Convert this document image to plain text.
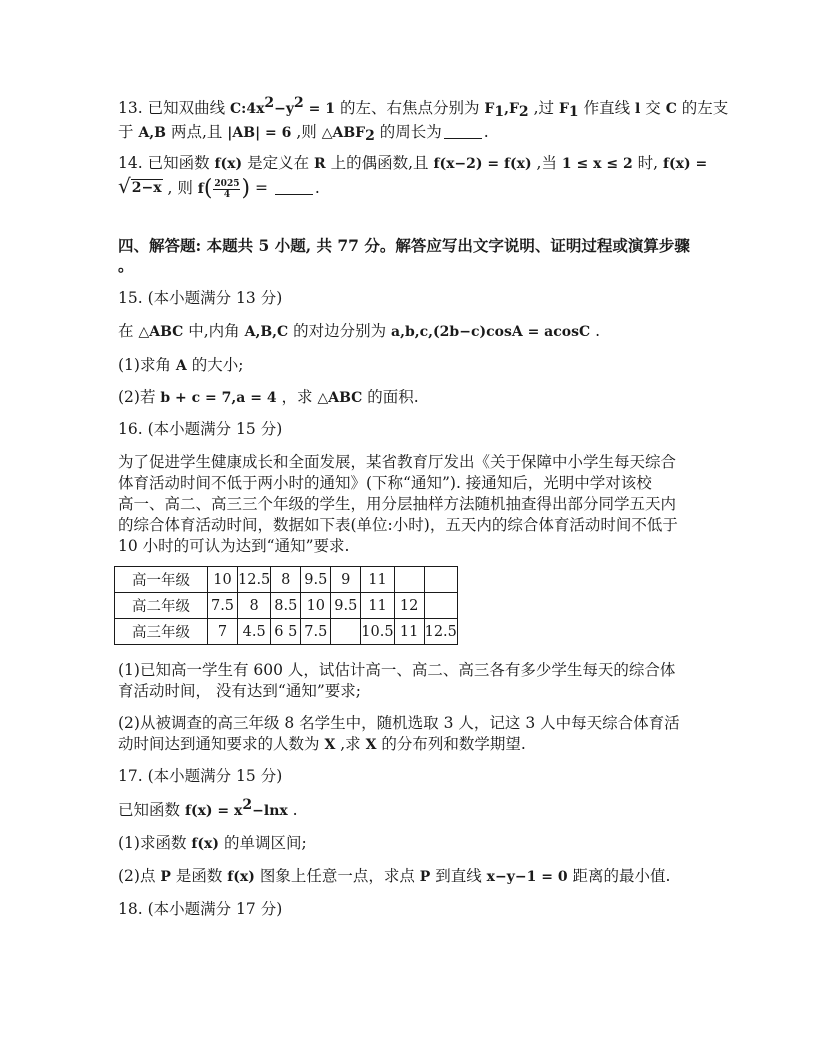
13. 已知双曲线 $C:4x^2-y^2 = 1$ 的左、右焦点分别为 $F_1,F_2$ ,过 $F_1$ 作直线 l 交 C 的左支
于 A,B 两点,且 |AB| = 6 ,则 $\triangle ABF_2$ 的周长为	.
14. 已知函数 f(x) 是定义在 R 上的偶函数,且 f(x−2) = f(x) ,当 1 ≤ x ≤ 2 时, f(x) =
√ 2−x , 则 $f( \frac{2025}{4}$ ) =	.
四、解答题: 本题共 5 小题, 共 77 分。解答应写出文字说明、证明过程或演算步骤
。
15. (本小题满分 13 分)
在 △ABC 中,内角 A,B,C 的对边分别为 a,b,c,(2b−c)cosA = acosC .
(1)求角 A 的大小;
(2)若 b + c = 7,a = 4 ，求 △ABC 的面积.
16. (本小题满分 15 分)
为了促进学生健康成长和全面发展，某省教育厅发出《关于保障中小学生每天综合
体育活动时间不低于两小时的通知》(下称“通知”). 接通知后，光明中学对该校
高一、高二、高三三个年级的学生，用分层抽样方法随机抽查得出部分同学五天内
的综合体育活动时间，数据如下表(单位:小时)，五天内的综合体育活动时间不低于
10 小时的可认为达到“通知”要求.
高一年级	10	12.5	8	9.5	9	11		
高二年级	7.5	8	8.5	10	9.5	11	12	
高三年级	7	4.5	6 5	7.5		10.5	11	12.5
(1)已知高一学生有 600 人，试估计高一、高二、高三各有多少学生每天的综合体
育活动时间， 没有达到“通知”要求;
(2)从被调查的高三年级 8 名学生中，随机选取 3 人，记这 3 人中每天综合体育活
动时间达到通知要求的人数为 X ,求 X 的分布列和数学期望.
17. (本小题满分 15 分)
已知函数 $f(x) = x^2-\ln x$ .
(1)求函数 f(x) 的单调区间;
(2)点 P 是函数 f(x) 图象上任意一点，求点 P 到直线 x−y−1 = 0 距离的最小值.
18. (本小题满分 17 分)
